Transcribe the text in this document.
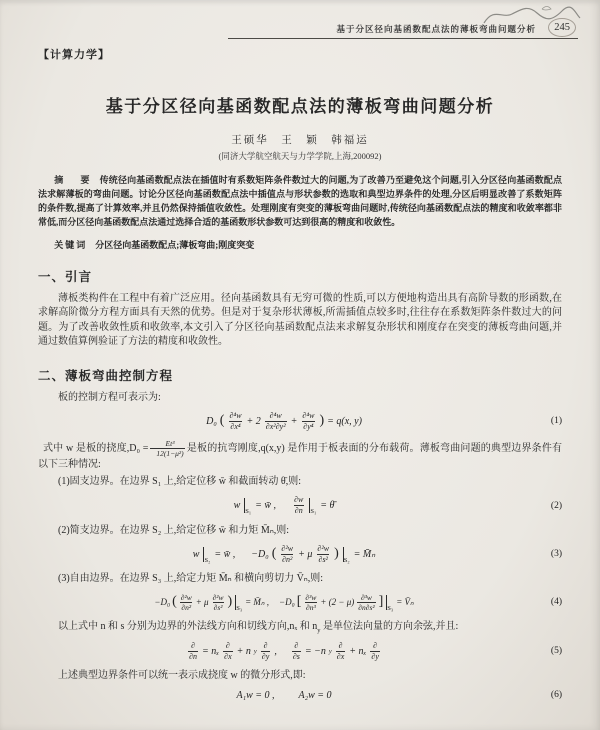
基于分区径向基函数配点法的薄板弯曲问题分析	245
【计算力学】
基于分区径向基函数配点法的薄板弯曲问题分析
王硕华　王　颖　韩福运
(同济大学航空航天与力学学院,上海,200092)

摘　要 传统径向基函数配点法在插值时有系数矩阵条件数过大的问题,为了改善乃至避免这个问题,引入分区径向基函数配点法求解薄板的弯曲问题。讨论分区径向基函数配点法中插值点与形状参数的选取和典型边界条件的处理,分区后明显改善了系数矩阵的条件数,提高了计算效率,并且仍然保持插值收敛性。处理刚度有突变的薄板弯曲问题时,传统径向基函数配点法的精度和收敛率都非常低,而分区径向基函数配点法通过选择合适的基函数形状参数可达到很高的精度和收敛性。

关键词 分区径向基函数配点;薄板弯曲;刚度突变

一、引言

薄板类构件在工程中有着广泛应用。径向基函数具有无穷可微的性质,可以方便地构造出具有高阶导数的形函数,在求解高阶微分方程方面具有天然的优势。但是对于复杂形状薄板,所需插值点较多时,往往存在系数矩阵条件数过大的问题。为了改善收敛性质和收敛率,本文引入了分区径向基函数配点法来求解复杂形状和刚度存在突变的薄板弯曲问题,并通过数值算例验证了方法的精度和收敛性。

二、薄板弯曲控制方程

板的控制方程可表示为:

D₀ ( $\frac{\text{∂⁴w}}{\text{∂x⁴}} + 2 \frac{\text{∂⁴w}}{\text{∂x²∂y²}} + \frac{\text{∂⁴w}}{\text{∂y⁴}}$ ) = q(x, y)	(1)

式中 w 是板的挠度$,D_0 = \frac{\text{Et³}}{\text{12(1−μ²)}}$ 是板的抗弯刚度,q(x,y) 是作用于板表面的分布载荷。薄板弯曲问题的典型边界条件有以下三种情况:

(1)固支边界。在边界 S₁ 上,给定位移 w̄ 和截面转动 θ̄,则:

w
$_{S_1}$
= w̄ , $\frac{\partial w}{\partial n} _{S_1}$
= θ̄	(2)

(2)简支边界。在边界 S₂ 上,给定位移 w̄ 和力矩 M̄ₙ,则:

w
$_{S_2}$
= w̄ , −D₀ ( $\frac{\text{∂²w}}{\text{∂n²}} + \mu \frac{\text{∂²w}}{\text{∂s²}}$ ) $_{S_2}$
= M̄ₙ	(3)

(3)自由边界。在边界 S₃ 上,给定力矩 M̄ₙ 和横向剪切力 V̄ₙ,则:

−D₀ ( $\frac{\text{∂²w}}{\text{∂n²}} + \mu \frac{\text{∂²w}}{\text{∂s²}}$ ) $_{S_3}$
= M̄ₙ , −D₀ [ $\frac{\text{∂³w}}{\text{∂n³}} + (2 - \mu) \frac{\text{∂³w}}{\text{∂n∂s²}}$ ] $_{S_3}$
= V̄ₙ	(4)

以上式中 n 和 s 分别为边界的外法线方向和切线方向,nₓ 和 $n_y$ 是单位法向量的方向余弦,并且:

$\frac{\partial}{\partial n} = n_x \frac{\partial}{\partial x} + n$ y $\frac{\partial}{\partial y}$ , $\frac{\partial}{\partial s} = -n$ y $\frac{\partial}{\partial x} + n_x \frac{\partial}{\partial y}$	(5)

上述典型边界条件可以统一表示成挠度 w 的微分形式,即:

A₁w = 0 , A₂w = 0	(6)
